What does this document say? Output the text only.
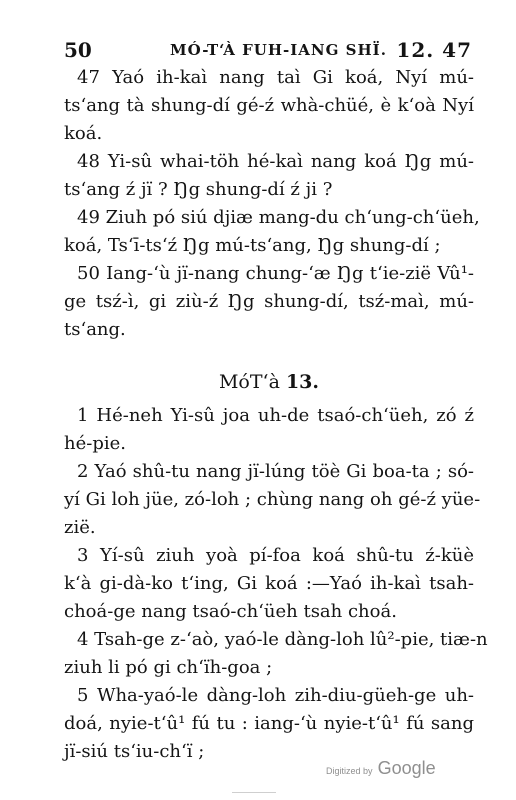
50	MÓ-T‘À FUH-IANG SHÏ. 12. 47
47 Yaó ih-kaì nang taì Gi koá, Nyí mú-
ts‘ang tà shung-dí gé-ź whà-chüé, è k‘oà Nyí
koá.
48 Yi-sû whai-töh hé-kaì nang koá Ŋg mú-
ts‘ang ź jï ? Ŋg shung-dí ź ji ?
49 Ziuh pó siú djiæ mang-du ch‘ung-ch‘üeh,
koá, Ts‘ī-ts‘ź Ŋg mú-ts‘ang, Ŋg shung-dí ;
50 Iang-‘ù jï-nang chung-‘æ Ŋg t‘ie-zië Vû¹-
ge tsź-ì, gi ziù-ź Ŋg shung-dí, tsź-maì, mú-
ts‘ang.
MóT‘à 13.
1 Hé-neh Yi-sû joa uh-de tsaó-ch‘üeh, zó ź
hé-pie.
2 Yaó shû-tu nang jï-lúng töè Gi boa-ta ; só-
yí Gi loh jüe, zó-loh ; chùng nang oh gé-ź yüe-
zië.
3 Yí-sû ziuh yoà pí-foa koá shû-tu ź-küè
k‘à gi-dà-ko t‘ing, Gi koá :—Yaó ih-kaì tsah-
choá-ge nang tsaó-ch‘üeh tsah choá.
4 Tsah-ge z-‘aò, yaó-le dàng-loh lû²-pie, tiæ-n
ziuh li pó gi ch‘ïh-goa ;
5 Wha-yaó-le dàng-loh zih-diu-güeh-ge uh-
doá, nyie-t‘û¹ fú tu : iang-‘ù nyie-t‘û¹ fú sang
jï-siú ts‘iu-ch‘ï ;
Digitized by Google
